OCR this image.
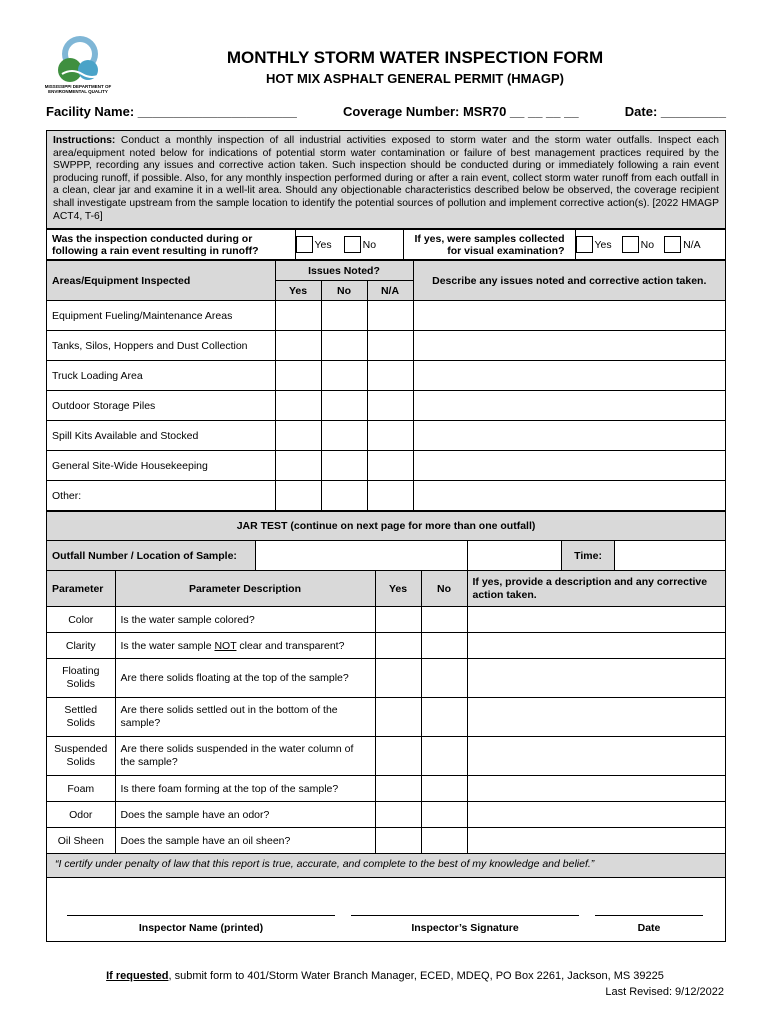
MISSISSIPPI DEPARTMENT OF ENVIRONMENTAL QUALITY
MONTHLY STORM WATER INSPECTION FORM
HOT MIX ASPHALT GENERAL PERMIT (HMAGP)
Facility Name: ______________________	Coverage Number: MSR70 __ __ __ __	Date: _________
Instructions: Conduct a monthly inspection of all industrial activities exposed to storm water and the storm water outfalls. Inspect each area/equipment noted below for indications of potential storm water contamination or failure of best management practices required by the SWPPP, recording any issues and corrective action taken. Such inspection should be conducted during or immediately following a rain event producing runoff, if possible. Also, for any monthly inspection performed during or after a rain event, collect storm water runoff from each outfall in a clean, clear jar and examine it in a well-lit area. Should any objectionable characteristics described below be observed, the coverage recipient shall investigate upstream from the sample location to identify the potential sources of pollution and implement corrective action(s). [2022 HMAGP ACT4, T-6]
Was the inspection conducted during or following a rain event resulting in runoff?	Yes	No	If yes, were samples collected for visual examination?	Yes	No	N/A
Areas/Equipment Inspected	Issues Noted?			Describe any issues noted and corrective action taken.
	Yes	No	N/A	
Equipment Fueling/Maintenance Areas				
Tanks, Silos, Hoppers and Dust Collection				
Truck Loading Area				
Outdoor Storage Piles				
Spill Kits Available and Stocked				
General Site-Wide Housekeeping				
Other:				
JAR TEST (continue on next page for more than one outfall)					
Outfall Number / Location of Sample:					Time:

Parameter	Parameter Description		Yes	No	If yes, provide a description and any corrective action taken.
Color	Is the water sample colored?				
Clarity	Is the water sample NOT clear and transparent?				
Floating Solids	Are there solids floating at the top of the sample?				
Settled Solids	Are there solids settled out in the bottom of the sample?				
Suspended Solids	Are there solids suspended in the water column of the sample?				
Foam	Is there foam forming at the top of the sample?				
Odor	Does the sample have an odor?				
Oil Sheen	Does the sample have an oil sheen?				
“I certify under penalty of law that this report is true, accurate, and complete to the best of my knowledge and belief.”
Inspector Name (printed)	Inspector’s Signature	Date
If requested, submit form to 401/Storm Water Branch Manager, ECED, MDEQ, PO Box 2261, Jackson, MS 39225
Last Revised: 9/12/2022
